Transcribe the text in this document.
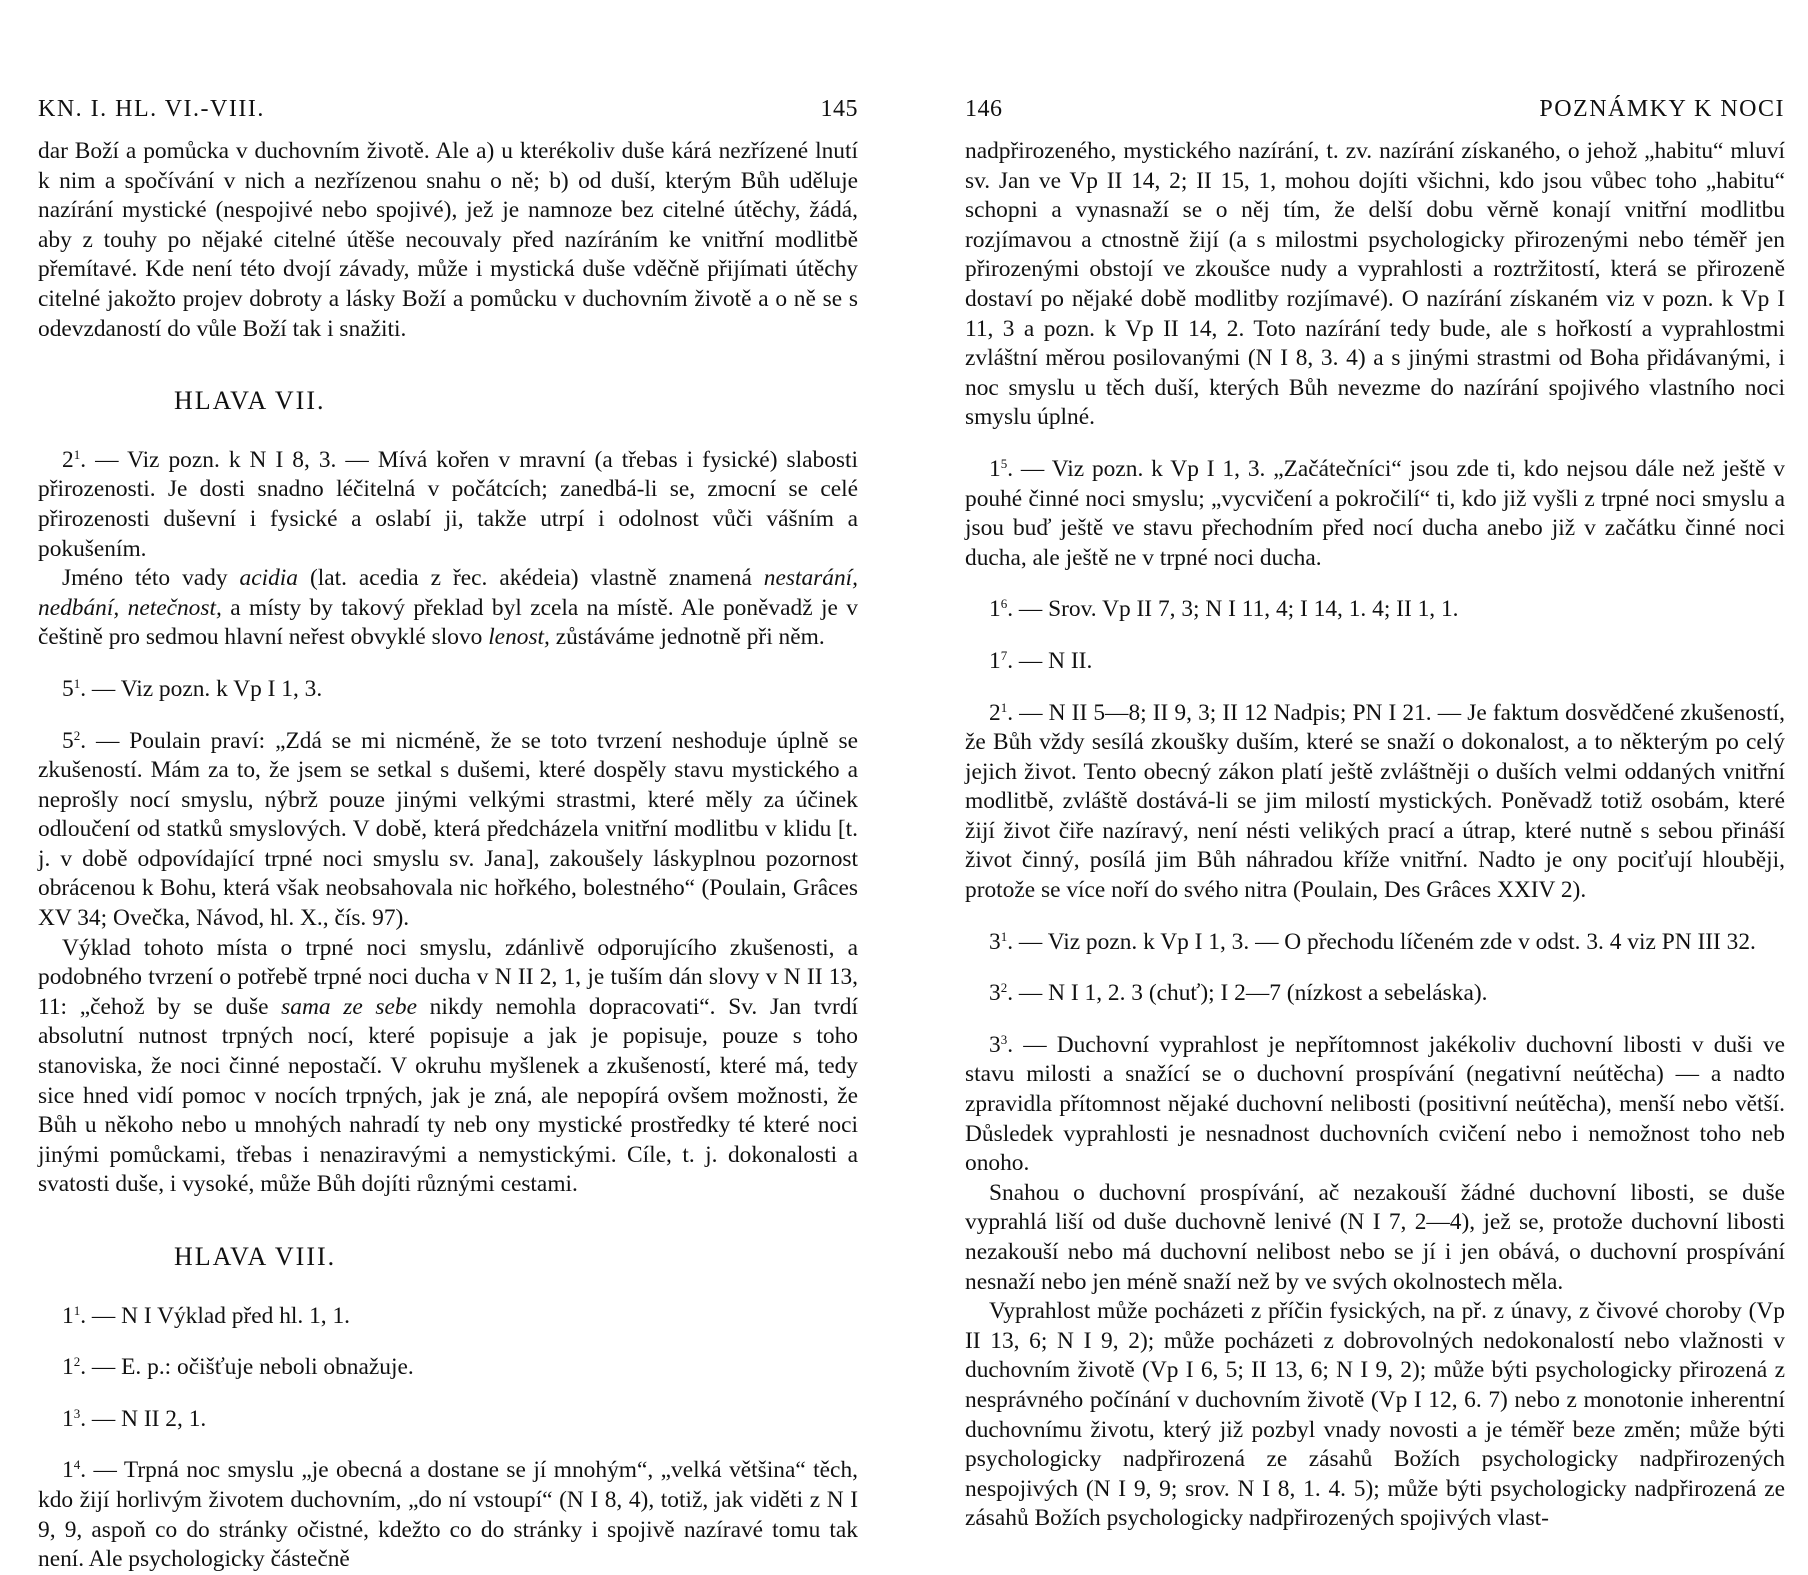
KN. I. HL. VI.-VIII.	145

dar Boží a pomůcka v duchovním životě. Ale a) u kterékoliv duše kárá nezřízené lnutí k nim a spočívání v nich a nezřízenou snahu o ně; b) od duší, kterým Bůh uděluje nazírání mystické (nespojivé nebo spojivé), jež je namnoze bez citelné útěchy, žádá, aby z touhy po nějaké citelné útěše necouvaly před nazíráním ke vnitřní modlitbě přemítavé. Kde není této dvojí závady, může i mystická duše vděčně přijímati útěchy citelné jakožto projev dobroty a lásky Boží a pomůcku v duchovním životě a o ně se s odevzdaností do vůle Boží tak i snažiti.

HLAVA VII.

$2^1$. — Viz pozn. k N I 8, 3. — Mívá kořen v mravní (a třebas i fysické) slabosti přirozenosti. Je dosti snadno léčitelná v počátcích; zanedbá-li se, zmocní se celé přirozenosti duševní i fysické a oslabí ji, takže utrpí i odolnost vůči vášním a pokušením.

Jméno této vady acidia (lat. acedia z řec. akédeia) vlastně znamená nestarání, nedbání, netečnost, a místy by takový překlad byl zcela na místě. Ale poněvadž je v češtině pro sedmou hlavní neřest obvyklé slovo lenost, zůstáváme jednotně při něm.

$5^1$. — Viz pozn. k Vp I 1, 3.

$5^2$. — Poulain praví: „Zdá se mi nicméně, že se toto tvrzení neshoduje úplně se zkušeností. Mám za to, že jsem se setkal s dušemi, které dospěly stavu mystického a neprošly nocí smyslu, nýbrž pouze jinými velkými strastmi, které měly za účinek odloučení od statků smyslových. V době, která předcházela vnitřní modlitbu v klidu [t. j. v době odpovídající trpné noci smyslu sv. Jana], zakoušely láskyplnou pozornost obrácenou k Bohu, která však neobsahovala nic hořkého, bolestného“ (Poulain, Grâces XV 34; Ovečka, Návod, hl. X., čís. 97).

Výklad tohoto místa o trpné noci smyslu, zdánlivě odporujícího zkušenosti, a podobného tvrzení o potřebě trpné noci ducha v N II 2, 1, je tuším dán slovy v N II 13, 11: „čehož by se duše sama ze sebe nikdy nemohla dopracovati“. Sv. Jan tvrdí absolutní nutnost trpných nocí, které popisuje a jak je popisuje, pouze s toho stanoviska, že noci činné nepostačí. V okruhu myšlenek a zkušeností, které má, tedy sice hned vidí pomoc v nocích trpných, jak je zná, ale nepopírá ovšem možnosti, že Bůh u někoho nebo u mnohých nahradí ty neb ony mystické prostředky té které noci jinými pomůckami, třebas i nenaziravými a nemystickými. Cíle, t. j. dokonalosti a svatosti duše, i vysoké, může Bůh dojíti různými cestami.

HLAVA VIII.

$1^1$. — N I Výklad před hl. 1, 1.

$1^2$. — E. p.: očišťuje neboli obnažuje.

$1^3$. — N II 2, 1.

$1^4$. — Trpná noc smyslu „je obecná a dostane se jí mnohým“, „velká většina“ těch, kdo žijí horlivým životem duchovním, „do ní vstoupí“ (N I 8, 4), totiž, jak viděti z N I 9, 9, aspoň co do stránky očistné, kdežto co do stránky i spojivě nazíravé tomu tak není. Ale psychologicky částečně

146	POZNÁMKY K NOCI

nadpřirozeného, mystického nazírání, t. zv. nazírání získaného, o jehož „habitu“ mluví sv. Jan ve Vp II 14, 2; II 15, 1, mohou dojíti všichni, kdo jsou vůbec toho „habitu“ schopni a vynasnaží se o něj tím, že delší dobu věrně konají vnitřní modlitbu rozjímavou a ctnostně žijí (a s milostmi psychologicky přirozenými nebo téměř jen přirozenými obstojí ve zkoušce nudy a vyprahlosti a roztržitostí, která se přirozeně dostaví po nějaké době modlitby rozjímavé). O nazírání získaném viz v pozn. k Vp I 11, 3 a pozn. k Vp II 14, 2. Toto nazírání tedy bude, ale s hořkostí a vyprahlostmi zvláštní měrou posilovanými (N I 8, 3. 4) a s jinými strastmi od Boha přidávanými, i noc smyslu u těch duší, kterých Bůh nevezme do nazírání spojivého vlastního noci smyslu úplné.

$1^5$. — Viz pozn. k Vp I 1, 3. „Začátečníci“ jsou zde ti, kdo nejsou dále než ještě v pouhé činné noci smyslu; „vycvičení a pokročilí“ ti, kdo již vyšli z trpné noci smyslu a jsou buď ještě ve stavu přechodním před nocí ducha anebo již v začátku činné noci ducha, ale ještě ne v trpné noci ducha.

$1^6$. — Srov. Vp II 7, 3; N I 11, 4; I 14, 1. 4; II 1, 1.

$1^7$. — N II.

$2^1$. — N II 5—8; II 9, 3; II 12 Nadpis; PN I 21. — Je faktum dosvědčené zkušeností, že Bůh vždy sesílá zkoušky duším, které se snaží o dokonalost, a to některým po celý jejich život. Tento obecný zákon platí ještě zvláštněji o duších velmi oddaných vnitřní modlitbě, zvláště dostává-li se jim milostí mystických. Poněvadž totiž osobám, které žijí život čiře nazíravý, není nésti velikých prací a útrap, které nutně s sebou přináší život činný, posílá jim Bůh náhradou kříže vnitřní. Nadto je ony pociťují hlouběji, protože se více noří do svého nitra (Poulain, Des Grâces XXIV 2).

$3^1$. — Viz pozn. k Vp I 1, 3. — O přechodu líčeném zde v odst. 3. 4 viz PN III 32.

$3^2$. — N I 1, 2. 3 (chuť); I 2—7 (nízkost a sebeláska).

$3^3$. — Duchovní vyprahlost je nepřítomnost jakékoliv duchovní libosti v duši ve stavu milosti a snažící se o duchovní prospívání (negativní neútěcha) — a nadto zpravidla přítomnost nějaké duchovní nelibosti (positivní neútěcha), menší nebo větší. Důsledek vyprahlosti je nesnadnost duchovních cvičení nebo i nemožnost toho neb onoho.

Snahou o duchovní prospívání, ač nezakouší žádné duchovní libosti, se duše vyprahlá liší od duše duchovně lenivé (N I 7, 2—4), jež se, protože duchovní libosti nezakouší nebo má duchovní nelibost nebo se jí i jen obává, o duchovní prospívání nesnaží nebo jen méně snaží než by ve svých okolnostech měla.

Vyprahlost může pocházeti z příčin fysických, na př. z únavy, z čivové choroby (Vp II 13, 6; N I 9, 2); může pocházeti z dobrovolných nedokonalostí nebo vlažnosti v duchovním životě (Vp I 6, 5; II 13, 6; N I 9, 2); může býti psychologicky přirozená z nesprávného počínání v duchovním životě (Vp I 12, 6. 7) nebo z monotonie inherentní duchovnímu životu, který již pozbyl vnady novosti a je téměř beze změn; může býti psychologicky nadpřirozená ze zásahů Božích psychologicky nadpřirozených nespojivých (N I 9, 9; srov. N I 8, 1. 4. 5); může býti psychologicky nadpřirozená ze zásahů Božích psychologicky nadpřirozených spojivých vlast-
